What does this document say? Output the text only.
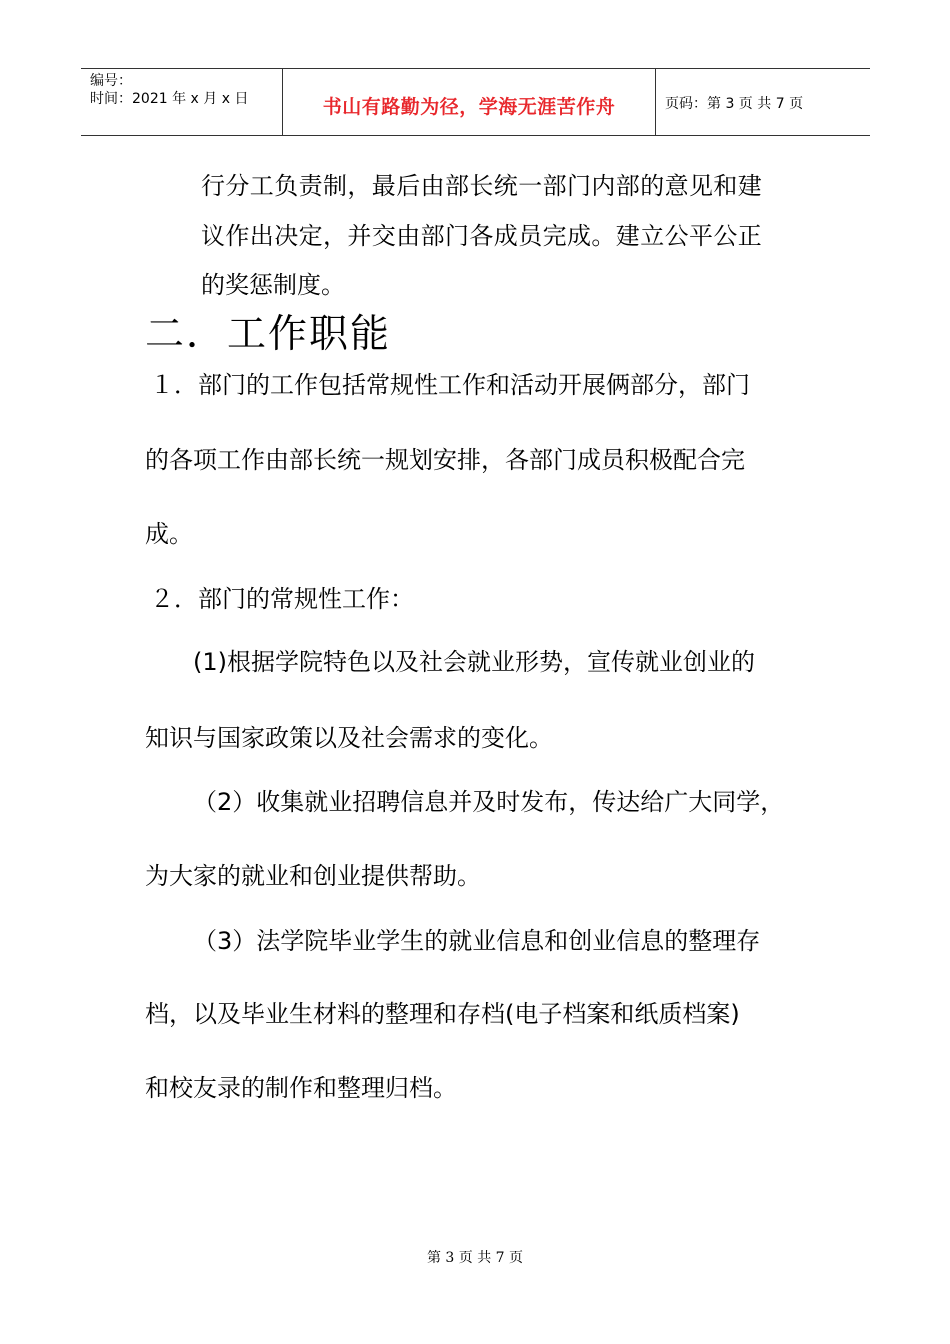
编号：
时间：2021 年 x 月 x 日	书山有路勤为径，学海无涯苦作舟	页码：第 3 页 共 7 页
行分工负责制，最后由部长统一部门内部的意见和建
议作出决定，并交由部门各成员完成。建立公平公正
的奖惩制度。
二．工作职能
１．部门的工作包括常规性工作和活动开展俩部分，部门
的各项工作由部长统一规划安排，各部门成员积极配合完
成。
２．部门的常规性工作：
(1)根据学院特色以及社会就业形势，宣传就业创业的
知识与国家政策以及社会需求的变化。
（2）收集就业招聘信息并及时发布，传达给广大同学，
为大家的就业和创业提供帮助。
（3）法学院毕业学生的就业信息和创业信息的整理存
档，以及毕业生材料的整理和存档(电子档案和纸质档案)
和校友录的制作和整理归档。
第 3 页 共 7 页
